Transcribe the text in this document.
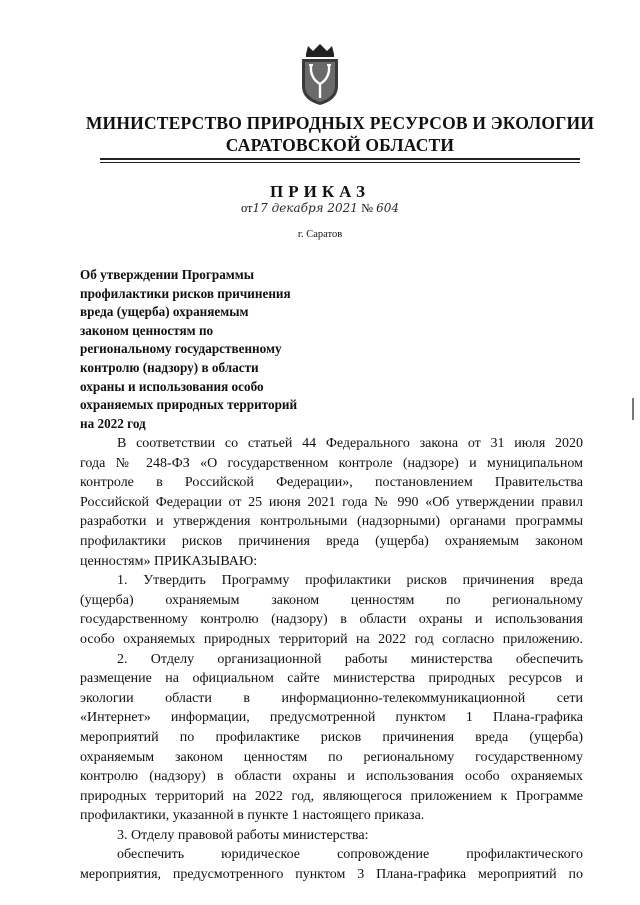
МИНИСТЕРСТВО ПРИРОДНЫХ РЕСУРСОВ И ЭКОЛОГИИ
САРАТОВСКОЙ ОБЛАСТИ
ПРИКАЗ
от17 декабря 2021 № 604
г. Саратов
Об утверждении Программы
профилактики рисков причинения
вреда (ущерба) охраняемым
законом ценностям по
региональному государственному
контролю (надзору) в области
охраны и использования особо
охраняемых природных территорий
на 2022 год
В соответствии со статьей 44 Федерального закона от 31 июля 2020
года № 248-ФЗ «О государственном контроле (надзоре) и муниципальном
контроле в Российской Федерации», постановлением Правительства
Российской Федерации от 25 июня 2021 года № 990 «Об утверждении правил
разработки и утверждения контрольными (надзорными) органами программы
профилактики рисков причинения вреда (ущерба) охраняемым законом
ценностям» ПРИКАЗЫВАЮ:
1. Утвердить Программу профилактики рисков причинения вреда
(ущерба) охраняемым законом ценностям по региональному
государственному контролю (надзору) в области охраны и использования
особо охраняемых природных территорий на 2022 год согласно приложению.
2. Отделу организационной работы министерства обеспечить
размещение на официальном сайте министерства природных ресурсов и
экологии области в информационно-телекоммуникационной сети
«Интернет» информации, предусмотренной пунктом 1 Плана-графика
мероприятий по профилактике рисков причинения вреда (ущерба)
охраняемым законом ценностям по региональному государственному
контролю (надзору) в области охраны и использования особо охраняемых
природных территорий на 2022 год, являющегося приложением к Программе
профилактики, указанной в пункте 1 настоящего приказа.
3. Отделу правовой работы министерства:
обеспечить юридическое сопровождение профилактического
мероприятия, предусмотренного пунктом 3 Плана-графика мероприятий по
